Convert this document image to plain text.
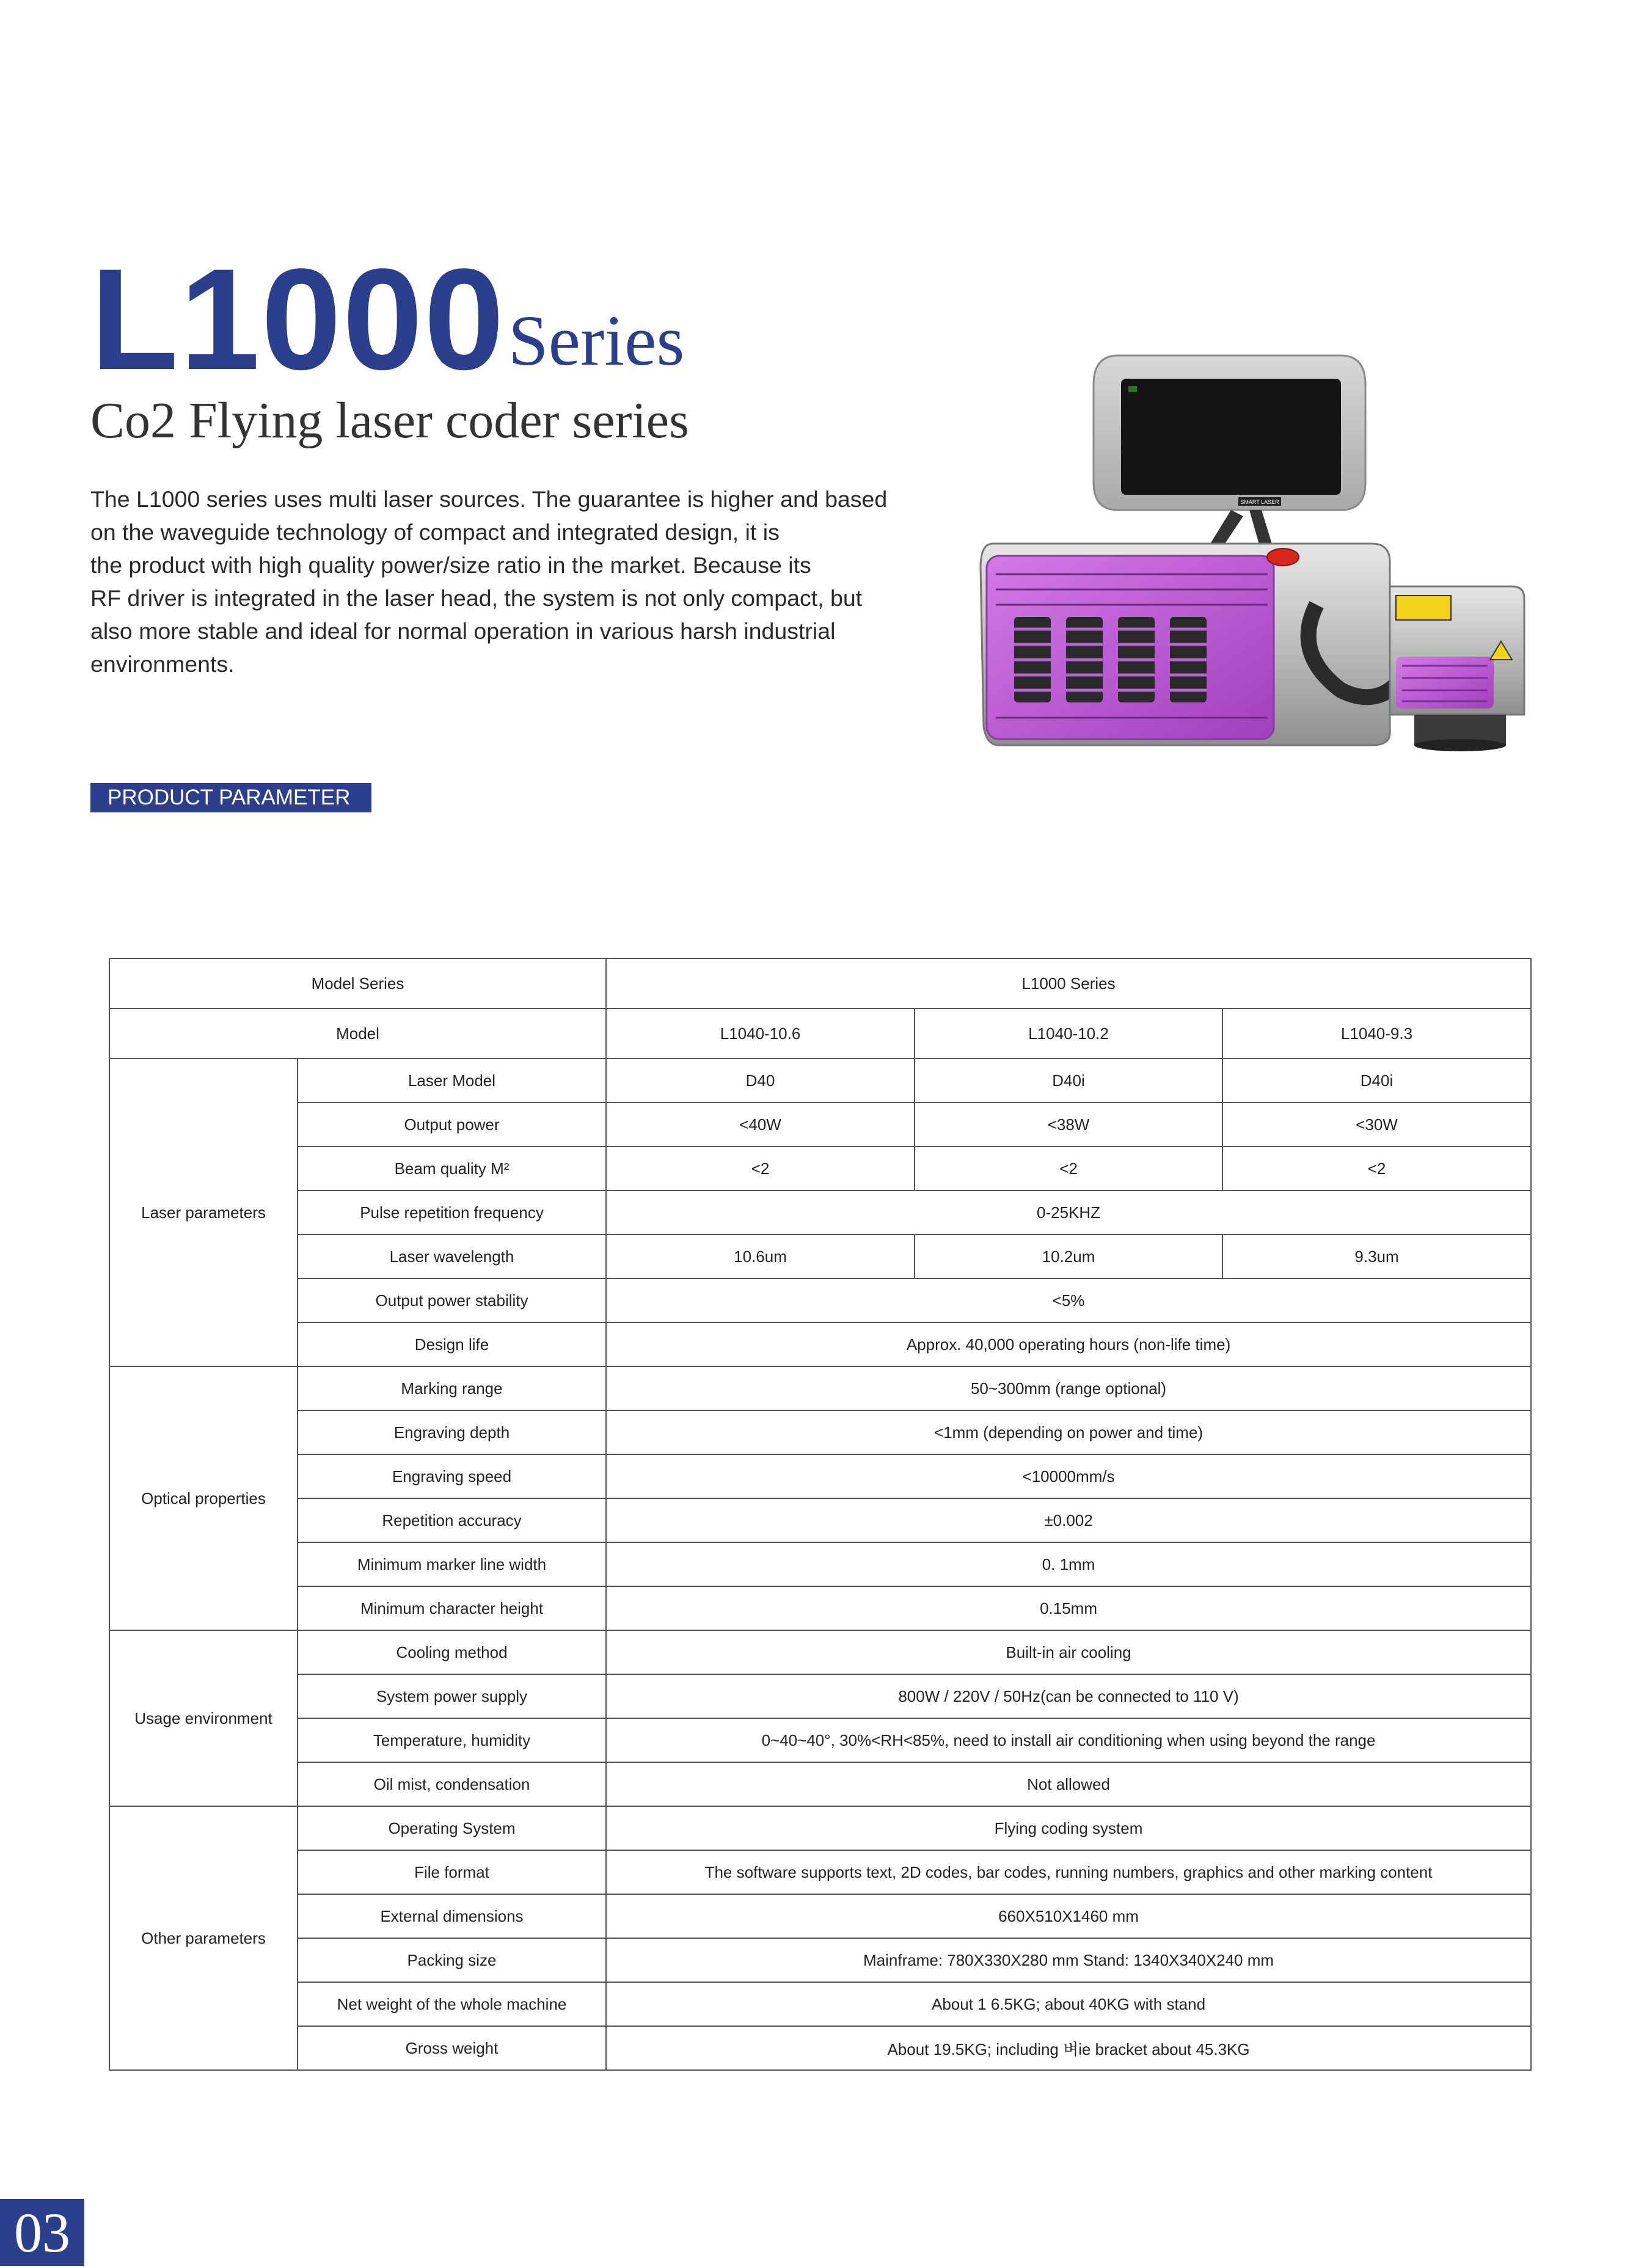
L1000 Series
Co2 Flying laser coder series
The L1000 series uses multi laser sources. The guarantee is higher and based
on the waveguide technology of compact and integrated design, it is
the product with high quality power/size ratio in the market. Because its
RF driver is integrated in the laser head, the system is not only compact, but
also more stable and ideal for normal operation in various harsh industrial
environments.
PRODUCT PARAMETER
SMART LASER
Model Series		L1000 Series		
Model		L1040-10.6	L1040-10.2	L1040-9.3
Laser parameters	Laser Model	D40	D40i	D40i
	Output power	<40W	<38W	<30W
	Beam quality M²	<2	<2	<2
	Pulse repetition frequency	0-25KHZ		
	Laser wavelength	10.6um	10.2um	9.3um
	Output power stability	<5%		
	Design life	Approx. 40,000 operating hours (non-life time)		
Optical properties	Marking range	50~300mm (range optional)		
	Engraving depth	<1mm (depending on power and time)		
	Engraving speed	<10000mm/s		
	Repetition accuracy	±0.002		
	Minimum marker line width	0. 1mm		
	Minimum character height	0.15mm		
Usage environment	Cooling method	Built-in air cooling		
	System power supply	800W / 220V / 50Hz(can be connected to 110 V)		
	Temperature, humidity	0~40~40°, 30%<RH<85%, need to install air conditioning when using beyond the range		
	Oil mist, condensation	Not allowed		
Other parameters	Operating System	Flying coding system		
	File format	The software supports text, 2D codes, bar codes, running numbers, graphics and other marking content		
	External dimensions	660X510X1460 mm		
	Packing size	Mainframe: 780X330X280 mm Stand: 1340X340X240 mm		
	Net weight of the whole machine	About 1 6.5KG; about 40KG with stand		
	Gross weight	About 19.5KG; including 벼ie bracket about 45.3KG		
03
